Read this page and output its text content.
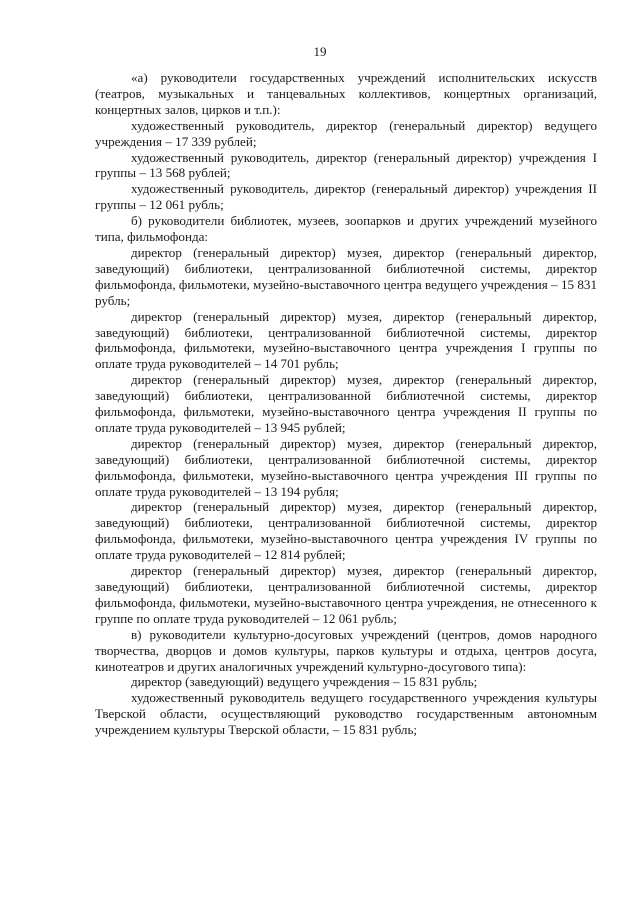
19

«а) руководители государственных учреждений исполнительских искусств (театров, музыкальных и танцевальных коллективов, концертных организаций, концертных залов, цирков и т.п.):

художественный руководитель, директор (генеральный директор) ведущего учреждения – 17 339 рублей;

художественный руководитель, директор (генеральный директор) учреждения I группы – 13 568 рублей;

художественный руководитель, директор (генеральный директор) учреждения II группы – 12 061 рубль;

б) руководители библиотек, музеев, зоопарков и других учреждений музейного типа, фильмофонда:

директор (генеральный директор) музея, директор (генеральный директор, заведующий) библиотеки, централизованной библиотечной системы, директор фильмофонда, фильмотеки, музейно-выставочного центра ведущего учреждения – 15 831 рубль;

директор (генеральный директор) музея, директор (генеральный директор, заведующий) библиотеки, централизованной библиотечной системы, директор фильмофонда, фильмотеки, музейно-выставочного центра учреждения I группы по оплате труда руководителей – 14 701 рубль;

директор (генеральный директор) музея, директор (генеральный директор, заведующий) библиотеки, централизованной библиотечной системы, директор фильмофонда, фильмотеки, музейно-выставочного центра учреждения II группы по оплате труда руководителей – 13 945 рублей;

директор (генеральный директор) музея, директор (генеральный директор, заведующий) библиотеки, централизованной библиотечной системы, директор фильмофонда, фильмотеки, музейно-выставочного центра учреждения III группы по оплате труда руководителей – 13 194 рубля;

директор (генеральный директор) музея, директор (генеральный директор, заведующий) библиотеки, централизованной библиотечной системы, директор фильмофонда, фильмотеки, музейно-выставочного центра учреждения IV группы по оплате труда руководителей – 12 814 рублей;

директор (генеральный директор) музея, директор (генеральный директор, заведующий) библиотеки, централизованной библиотечной системы, директор фильмофонда, фильмотеки, музейно-выставочного центра учреждения, не отнесенного к группе по оплате труда руководителей – 12 061 рубль;

в) руководители культурно-досуговых учреждений (центров, домов народного творчества, дворцов и домов культуры, парков культуры и отдыха, центров досуга, кинотеатров и других аналогичных учреждений культурно-досугового типа):

директор (заведующий) ведущего учреждения – 15 831 рубль;

художественный руководитель ведущего государственного учреждения культуры Тверской области, осуществляющий руководство государственным автономным учреждением культуры Тверской области, – 15 831 рубль;
